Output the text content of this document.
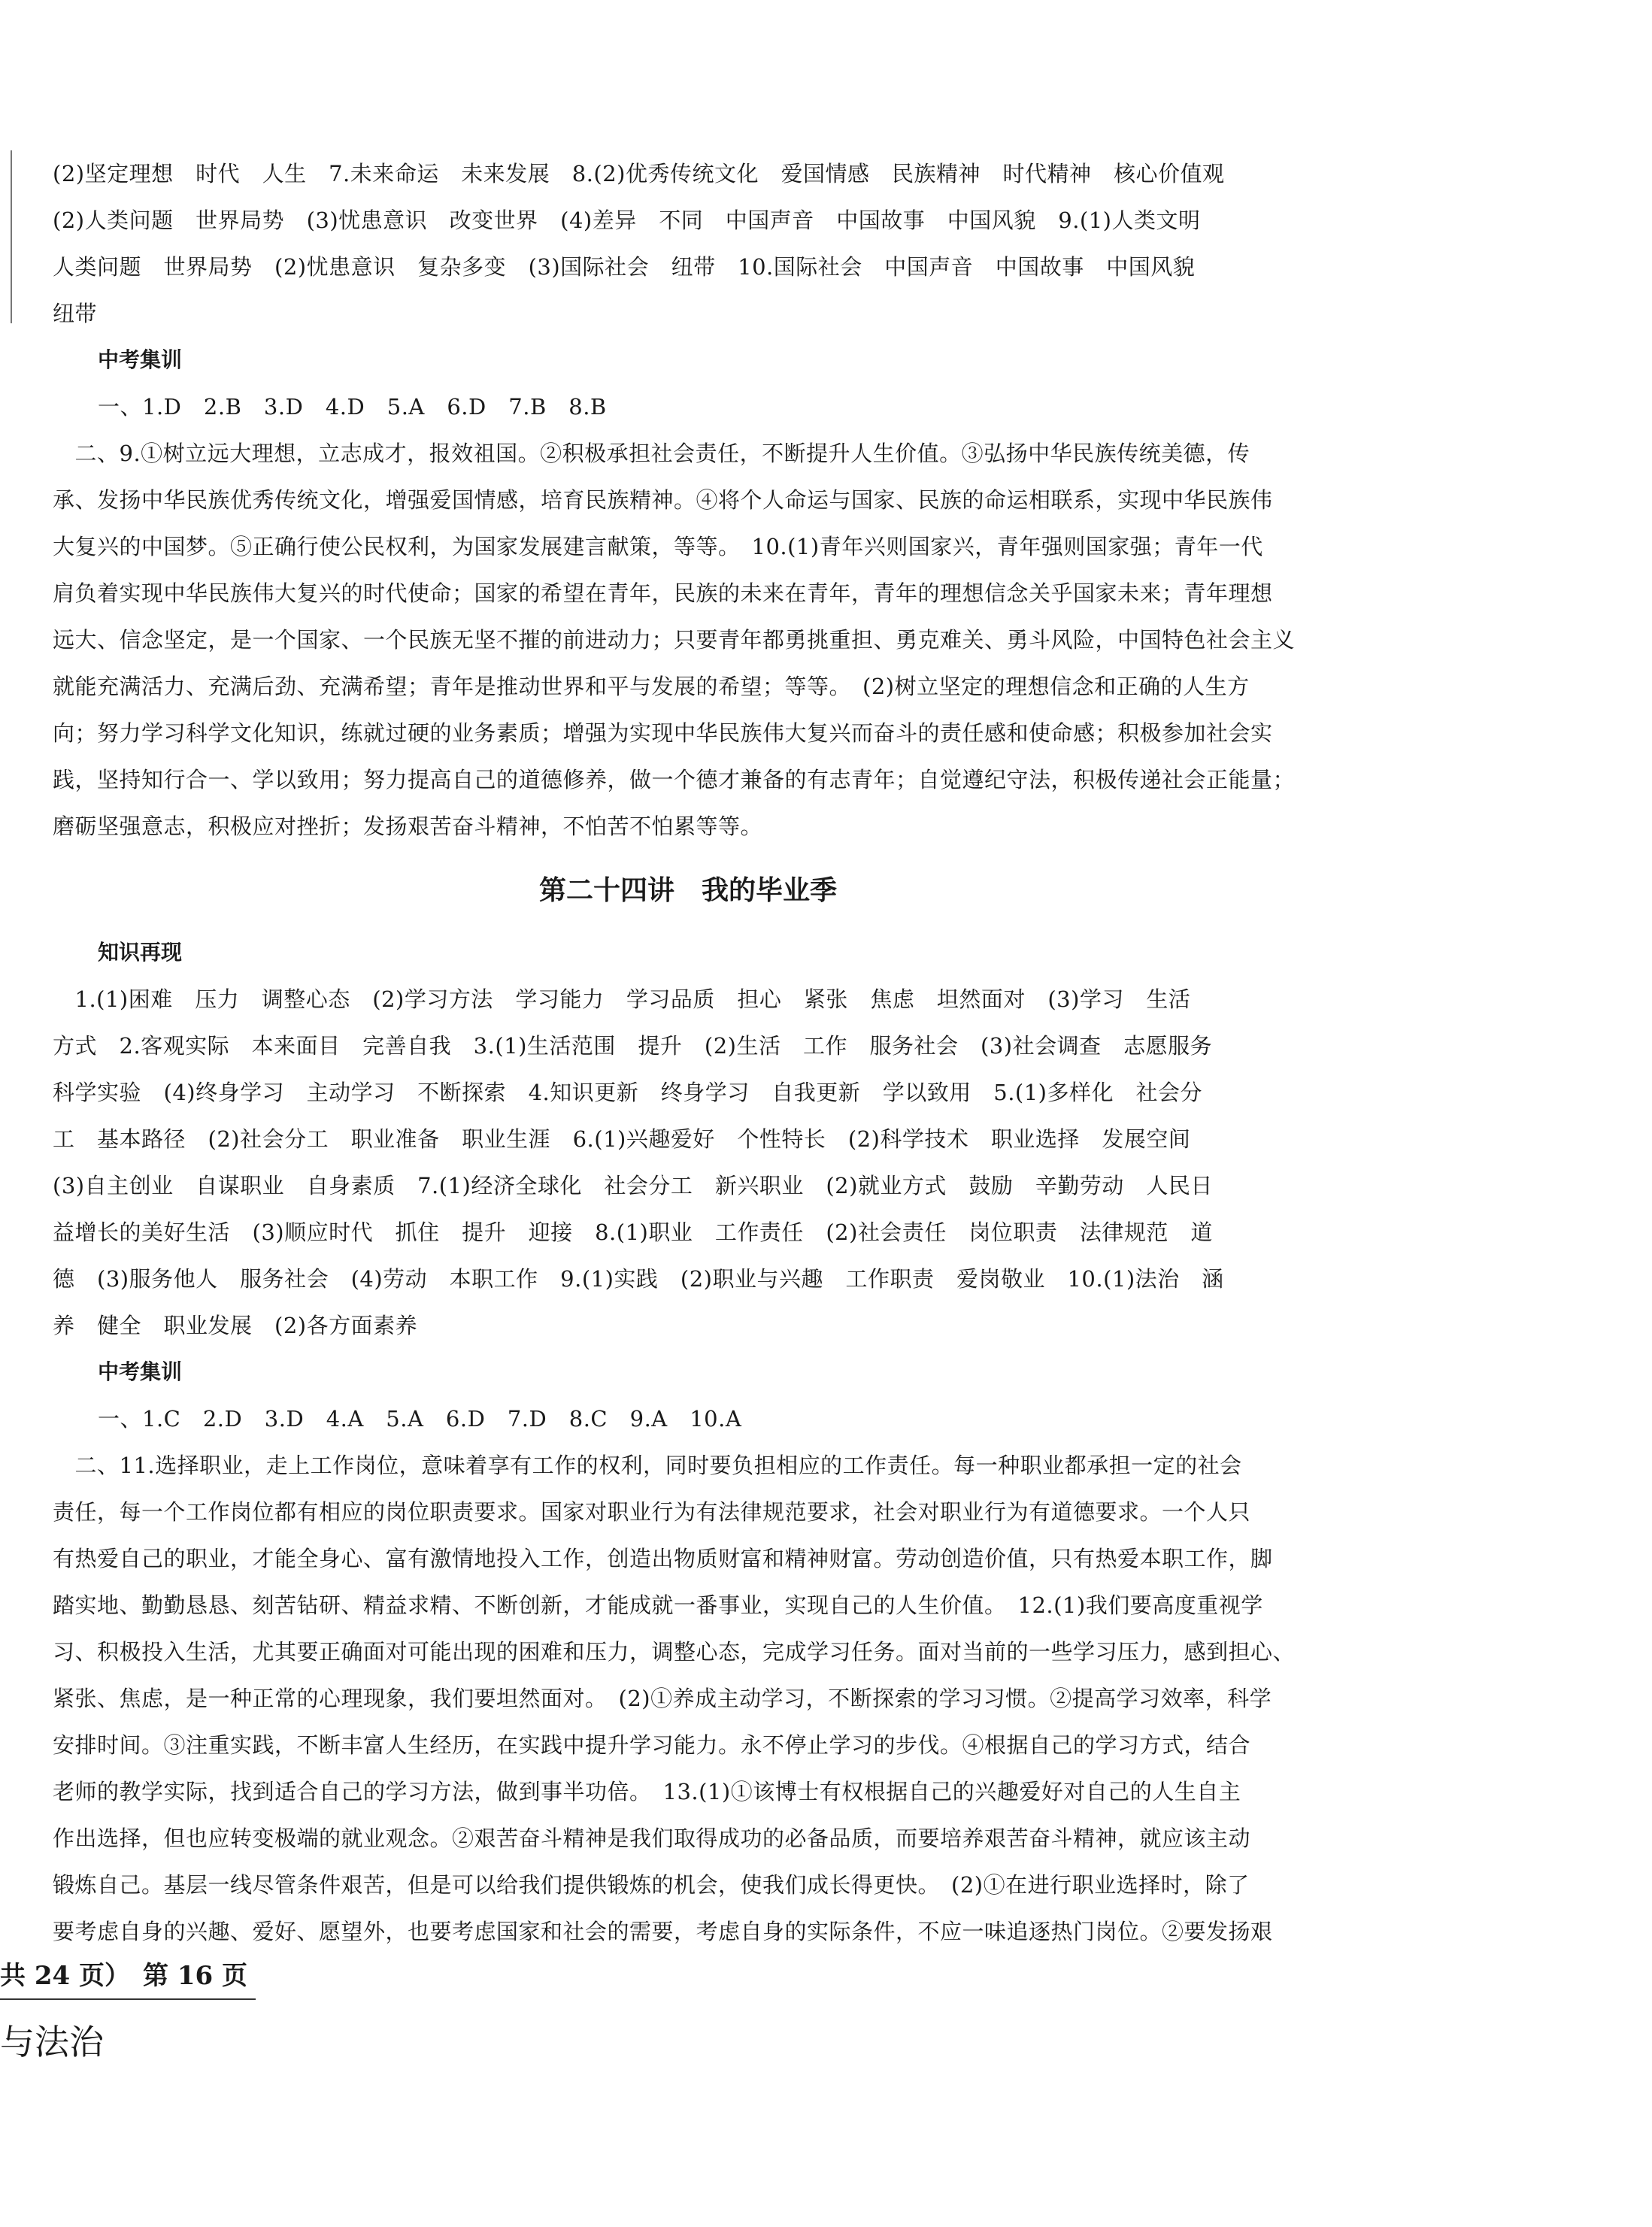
(2)坚定理想　时代　人生　7.未来命运　未来发展　8.(2)优秀传统文化　爱国情感　民族精神　时代精神　核心价值观
(2)人类问题　世界局势　(3)忧患意识　改变世界　(4)差异　不同　中国声音　中国故事　中国风貌　9.(1)人类文明
人类问题　世界局势　(2)忧患意识　复杂多变　(3)国际社会　纽带　10.国际社会　中国声音　中国故事　中国风貌
纽带
中考集训
一、1.D　2.B　3.D　4.D　5.A　6.D　7.B　8.B
　二、9.①树立远大理想，立志成才，报效祖国。②积极承担社会责任，不断提升人生价值。③弘扬中华民族传统美德，传
承、发扬中华民族优秀传统文化，增强爱国情感，培育民族精神。④将个人命运与国家、民族的命运相联系，实现中华民族伟
大复兴的中国梦。⑤正确行使公民权利，为国家发展建言献策，等等。　10.(1)青年兴则国家兴，青年强则国家强；青年一代
肩负着实现中华民族伟大复兴的时代使命；国家的希望在青年，民族的未来在青年，青年的理想信念关乎国家未来；青年理想
远大、信念坚定，是一个国家、一个民族无坚不摧的前进动力；只要青年都勇挑重担、勇克难关、勇斗风险，中国特色社会主义
就能充满活力、充满后劲、充满希望；青年是推动世界和平与发展的希望；等等。　(2)树立坚定的理想信念和正确的人生方
向；努力学习科学文化知识，练就过硬的业务素质；增强为实现中华民族伟大复兴而奋斗的责任感和使命感；积极参加社会实
践，坚持知行合一、学以致用；努力提高自己的道德修养，做一个德才兼备的有志青年；自觉遵纪守法，积极传递社会正能量；
磨砺坚强意志，积极应对挫折；发扬艰苦奋斗精神，不怕苦不怕累等等。
第二十四讲　我的毕业季
知识再现
　1.(1)困难　压力　调整心态　(2)学习方法　学习能力　学习品质　担心　紧张　焦虑　坦然面对　(3)学习　生活
方式　2.客观实际　本来面目　完善自我　3.(1)生活范围　提升　(2)生活　工作　服务社会　(3)社会调查　志愿服务
科学实验　(4)终身学习　主动学习　不断探索　4.知识更新　终身学习　自我更新　学以致用　5.(1)多样化　社会分
工　基本路径　(2)社会分工　职业准备　职业生涯　6.(1)兴趣爱好　个性特长　(2)科学技术　职业选择　发展空间
(3)自主创业　自谋职业　自身素质　7.(1)经济全球化　社会分工　新兴职业　(2)就业方式　鼓励　辛勤劳动　人民日
益增长的美好生活　(3)顺应时代　抓住　提升　迎接　8.(1)职业　工作责任　(2)社会责任　岗位职责　法律规范　道
德　(3)服务他人　服务社会　(4)劳动　本职工作　9.(1)实践　(2)职业与兴趣　工作职责　爱岗敬业　10.(1)法治　涵
养　健全　职业发展　(2)各方面素养
中考集训
一、1.C　2.D　3.D　4.A　5.A　6.D　7.D　8.C　9.A　10.A
　二、11.选择职业，走上工作岗位，意味着享有工作的权利，同时要负担相应的工作责任。每一种职业都承担一定的社会
责任，每一个工作岗位都有相应的岗位职责要求。国家对职业行为有法律规范要求，社会对职业行为有道德要求。一个人只
有热爱自己的职业，才能全身心、富有激情地投入工作，创造出物质财富和精神财富。劳动创造价值，只有热爱本职工作，脚
踏实地、勤勤恳恳、刻苦钻研、精益求精、不断创新，才能成就一番事业，实现自己的人生价值。　12.(1)我们要高度重视学
习、积极投入生活，尤其要正确面对可能出现的困难和压力，调整心态，完成学习任务。面对当前的一些学习压力，感到担心、
紧张、焦虑，是一种正常的心理现象，我们要坦然面对。　(2)①养成主动学习，不断探索的学习习惯。②提高学习效率，科学
安排时间。③注重实践，不断丰富人生经历，在实践中提升学习能力。永不停止学习的步伐。④根据自己的学习方式，结合
老师的教学实际，找到适合自己的学习方法，做到事半功倍。　13.(1)①该博士有权根据自己的兴趣爱好对自己的人生自主
作出选择，但也应转变极端的就业观念。②艰苦奋斗精神是我们取得成功的必备品质，而要培养艰苦奋斗精神，就应该主动
锻炼自己。基层一线尽管条件艰苦，但是可以给我们提供锻炼的机会，使我们成长得更快。　(2)①在进行职业选择时，除了
要考虑自身的兴趣、爱好、愿望外，也要考虑国家和社会的需要，考虑自身的实际条件，不应一味追逐热门岗位。②要发扬艰
共 24 页）　第 16 页
与法治
